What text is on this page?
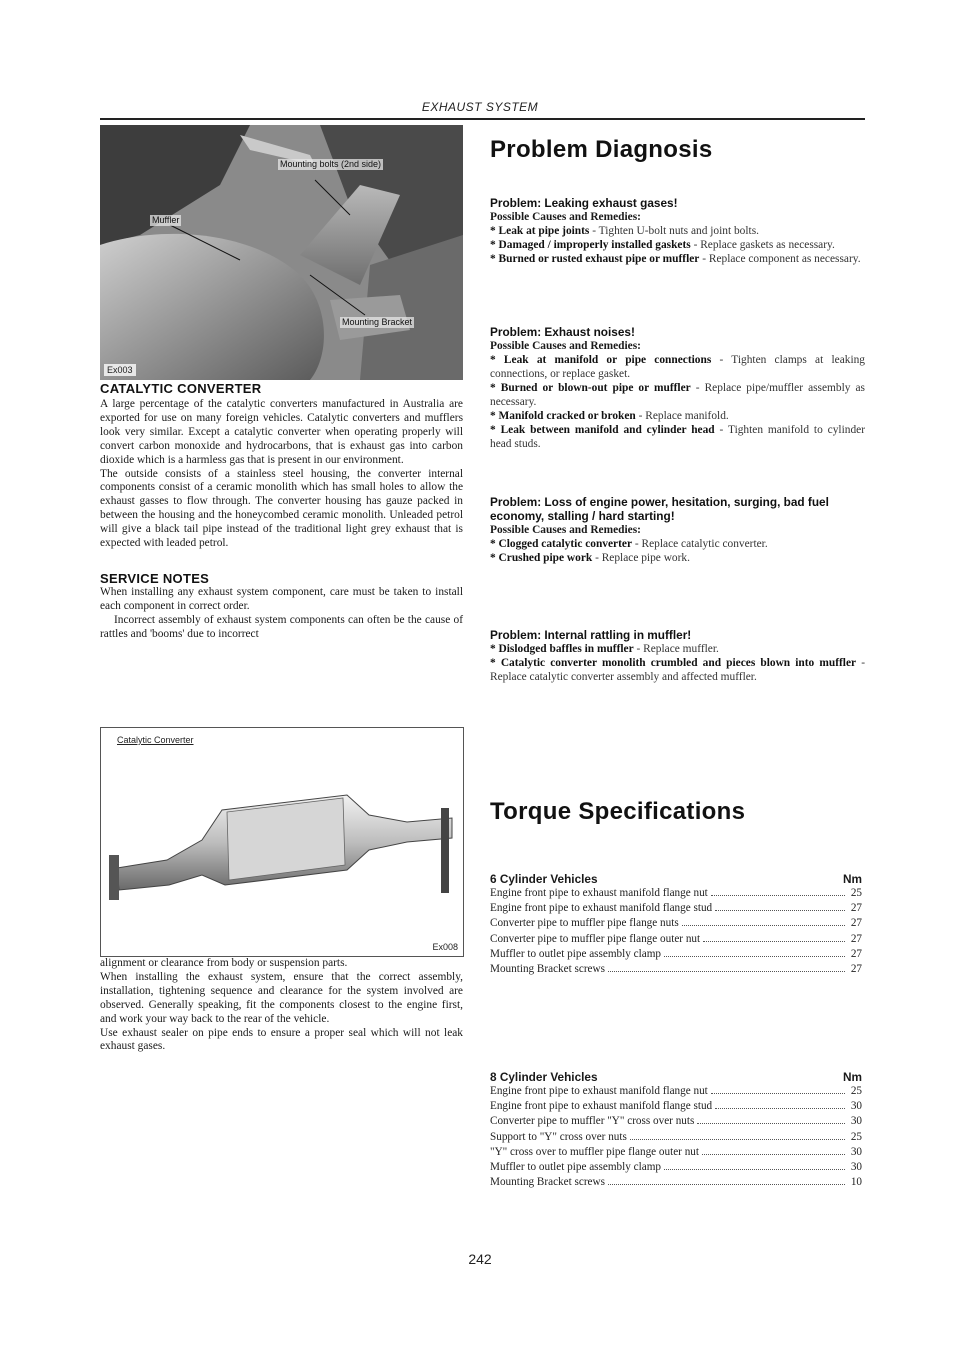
EXHAUST SYSTEM
Mounting bolts (2nd side)
Muffler
Mounting Bracket
Ex003
CATALYTIC CONVERTER

A large percentage of the catalytic converters manufactured in Australia are exported for use on many foreign vehicles. Catalytic converters and mufflers look very similar. Except a catalytic converter when operating properly will convert carbon monoxide and hydrocarbons, that is exhaust gas into carbon dioxide which is a harmless gas that is present in our environment.

The outside consists of a stainless steel housing, the converter internal components consist of a ceramic monolith which has small holes to allow the exhaust gasses to flow through. The converter housing has gauze packed in between the housing and the honeycombed ceramic monolith. Unleaded petrol will give a black tail pipe instead of the traditional light grey exhaust that is expected with leaded petrol.

SERVICE NOTES

When installing any exhaust system component, care must be taken to install each component in correct order.

Incorrect assembly of exhaust system components can often be the cause of rattles and 'booms' due to incorrect

Catalytic Converter
Ex008

alignment or clearance from body or suspension parts.

When installing the exhaust system, ensure that the correct assembly, installation, tightening sequence and clearance for the system involved are observed. Generally speaking, fit the components closest to the engine first, and work your way back to the rear of the vehicle.

Use exhaust sealer on pipe ends to ensure a proper seal which will not leak exhaust gases.

Problem Diagnosis

Problem: Leaking exhaust gases!

Possible Causes and Remedies:

* Leak at pipe joints - Tighten U-bolt nuts and joint bolts.

* Damaged / improperly installed gaskets - Replace gaskets as necessary.

* Burned or rusted exhaust pipe or muffler - Replace component as necessary.

Problem: Exhaust noises!

Possible Causes and Remedies:

* Leak at manifold or pipe connections - Tighten clamps at leaking connections, or replace gasket.

* Burned or blown-out pipe or muffler - Replace pipe/muffler assembly as necessary.

* Manifold cracked or broken - Replace manifold.

* Leak between manifold and cylinder head - Tighten manifold to cylinder head studs.

Problem: Loss of engine power, hesitation, surging, bad fuel economy, stalling / hard starting!

Possible Causes and Remedies:

* Clogged catalytic converter - Replace catalytic converter.

* Crushed pipe work - Replace pipe work.

Problem: Internal rattling in muffler!

* Dislodged baffles in muffler - Replace muffler.

* Catalytic converter monolith crumbled and pieces blown into muffler - Replace catalytic converter assembly and affected muffler.

Torque Specifications
6 Cylinder Vehicles	Nm
Engine front pipe to exhaust manifold flange nut	25
Engine front pipe to exhaust manifold flange stud	27
Converter pipe to muffler pipe flange nuts	27
Converter pipe to muffler pipe flange outer nut	27
Muffler to outlet pipe assembly clamp	27
Mounting Bracket screws	27
8 Cylinder Vehicles	Nm
Engine front pipe to exhaust manifold flange nut	25
Engine front pipe to exhaust manifold flange stud	30
Converter pipe to muffler "Y" cross over nuts	30
Support to "Y" cross over nuts	25
"Y" cross over to muffler pipe flange outer nut	30
Muffler to outlet pipe assembly clamp	30
Mounting Bracket screws	10
242
